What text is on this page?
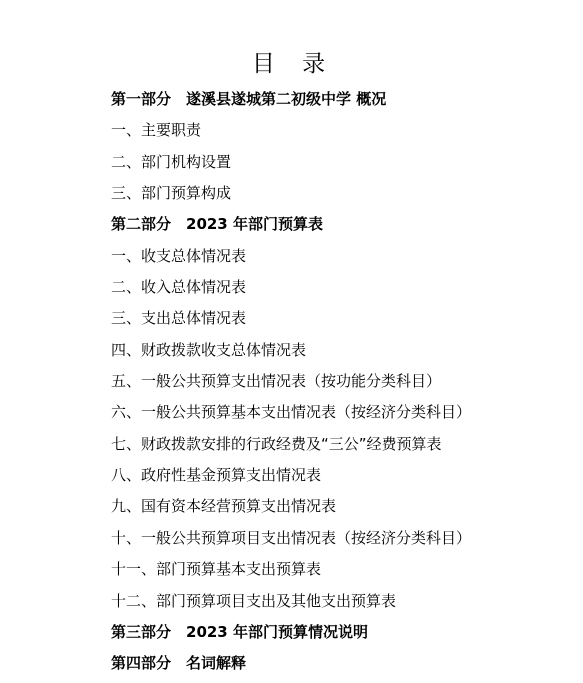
目 录
第一部分　遂溪县遂城第二初级中学 概况
一、主要职责
二、部门机构设置
三、部门预算构成
第二部分　2023 年部门预算表
一、收支总体情况表
二、收入总体情况表
三、支出总体情况表
四、财政拨款收支总体情况表
五、一般公共预算支出情况表（按功能分类科目）
六、一般公共预算基本支出情况表（按经济分类科目）
七、财政拨款安排的行政经费及“三公”经费预算表
八、政府性基金预算支出情况表
九、国有资本经营预算支出情况表
十、一般公共预算项目支出情况表（按经济分类科目）
十一、部门预算基本支出预算表
十二、部门预算项目支出及其他支出预算表
第三部分　2023 年部门预算情况说明
第四部分　名词解释
